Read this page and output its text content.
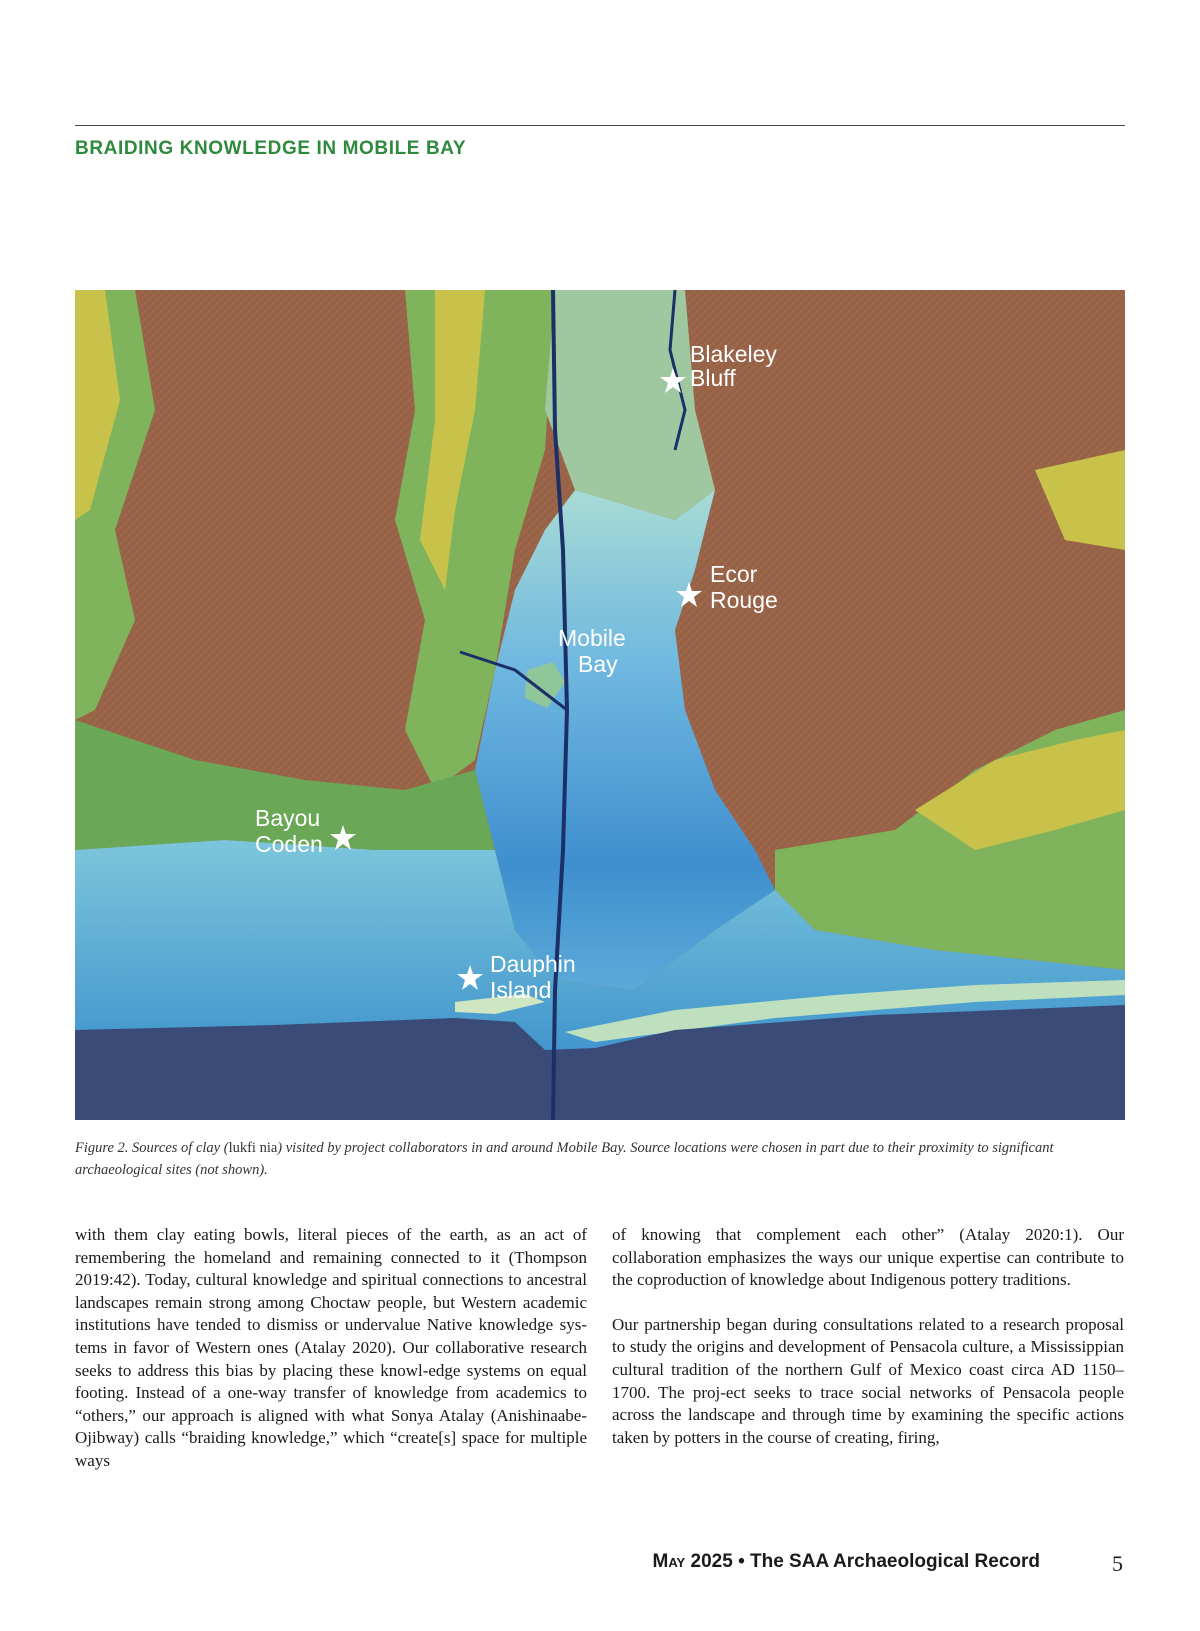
BRAIDING KNOWLEDGE IN MOBILE BAY
Blakeley
Bluff
Ecor
Rouge
Mobile
Bay
Bayou
Coden
Dauphin
Island
Figure 2. Sources of clay (lukfi nia) visited by project collaborators in and around Mobile Bay. Source locations were chosen in part due to their proximity to significant archaeological sites (not shown).

with them clay eating bowls, literal pieces of the earth, as an act of remembering the homeland and remaining connected to it (Thompson 2019:42). Today, cultural knowledge and spiritual connections to ancestral landscapes remain strong among Choctaw people, but Western academic institutions have tended to dismiss or undervalue Native knowledge sys-tems in favor of Western ones (Atalay 2020). Our collaborative research seeks to address this bias by placing these knowl-edge systems on equal footing. Instead of a one-way transfer of knowledge from academics to “others,” our approach is aligned with what Sonya Atalay (Anishinaabe-Ojibway) calls “braiding knowledge,” which “create[s] space for multiple ways

of knowing that complement each other” (Atalay 2020:1). Our collaboration emphasizes the ways our unique expertise can contribute to the coproduction of knowledge about Indigenous pottery traditions.

Our partnership began during consultations related to a research proposal to study the origins and development of Pensacola culture, a Mississippian cultural tradition of the northern Gulf of Mexico coast circa AD 1150–1700. The proj-ect seeks to trace social networks of Pensacola people across the landscape and through time by examining the specific actions taken by potters in the course of creating, firing,

May 2025 • The SAA Archaeological Record	5
